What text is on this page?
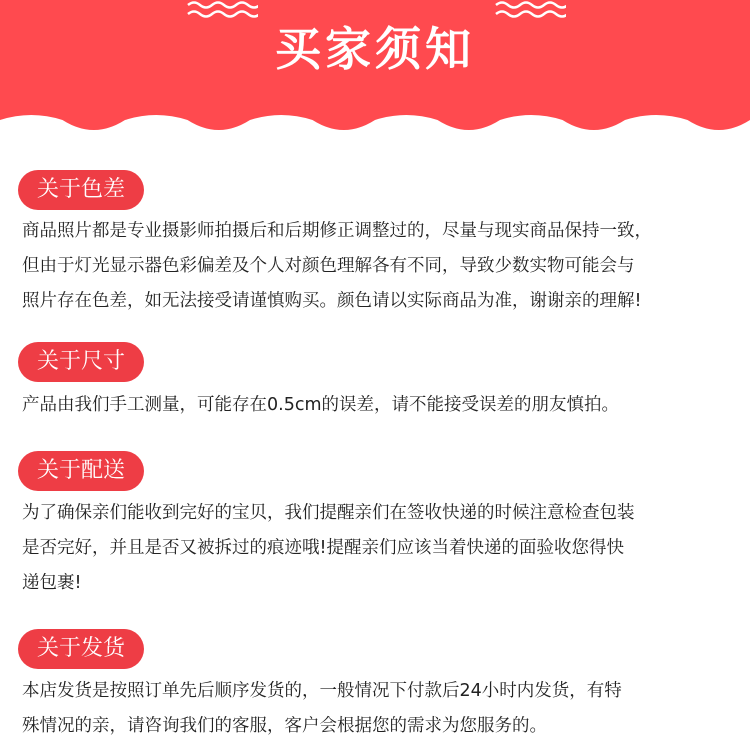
买家须知
关于色差
商品照片都是专业摄影师拍摄后和后期修正调整过的，尽量与现实商品保持一致，
但由于灯光显示器色彩偏差及个人对颜色理解各有不同，导致少数实物可能会与
照片存在色差，如无法接受请谨慎购买。颜色请以实际商品为准，谢谢亲的理解!
关于尺寸
产品由我们手工测量，可能存在0.5cm的误差，请不能接受误差的朋友慎拍。
关于配送
为了确保亲们能收到完好的宝贝，我们提醒亲们在签收快递的时候注意检查包装
是否完好，并且是否又被拆过的痕迹哦!提醒亲们应该当着快递的面验收您得快
递包裹!
关于发货
本店发货是按照订单先后顺序发货的，一般情况下付款后24小时内发货，有特
殊情况的亲，请咨询我们的客服，客户会根据您的需求为您服务的。
